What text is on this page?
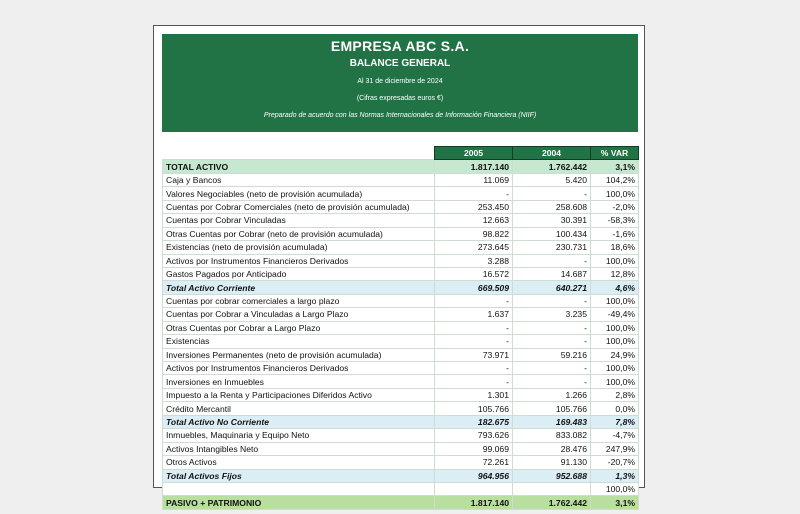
EMPRESA ABC S.A.
BALANCE GENERAL
Al 31 de diciembre de 2024
(Cifras expresadas euros €)
Preparado de acuerdo con las Normas Internacionales de Información Financiera (NIIF)
	2005	2004	% VAR
TOTAL ACTIVO	1.817.140	1.762.442	3,1%
Caja y Bancos	11.069	5.420	104,2%
Valores Negociables (neto de provisión acumulada)	-	-	100,0%
Cuentas por Cobrar Comerciales (neto de provisión acumulada)	253.450	258.608	-2,0%
Cuentas por Cobrar Vinculadas	12.663	30.391	-58,3%
Otras Cuentas por Cobrar (neto de provisión acumulada)	98.822	100.434	-1,6%
Existencias (neto de provisión acumulada)	273.645	230.731	18,6%
Activos por Instrumentos Financieros Derivados	3.288	-	100,0%
Gastos Pagados por Anticipado	16.572	14.687	12,8%
Total Activo Corriente	669.509	640.271	4,6%
Cuentas por cobrar comerciales a largo plazo	-	-	100,0%
Cuentas por Cobrar a Vinculadas a Largo Plazo	1.637	3.235	-49,4%
Otras Cuentas por Cobrar a Largo Plazo	-	-	100,0%
Existencias	-	-	100,0%
Inversiones Permanentes (neto de provisión acumulada)	73.971	59.216	24,9%
Activos por Instrumentos Financieros Derivados	-	-	100,0%
Inversiones en Inmuebles	-	-	100,0%
Impuesto a la Renta y Participaciones Diferidos Activo	1.301	1.266	2,8%
Crédito Mercantil	105.766	105.766	0,0%
Total Activo No Corriente	182.675	169.483	7,8%
Inmuebles, Maquinaria y Equipo Neto	793.626	833.082	-4,7%
Activos Intangibles Neto	99.069	28.476	247,9%
Otros Activos	72.261	91.130	-20,7%
Total Activos Fijos	964.956	952.688	1,3%
			100,0%
PASIVO + PATRIMONIO	1.817.140	1.762.442	3,1%
